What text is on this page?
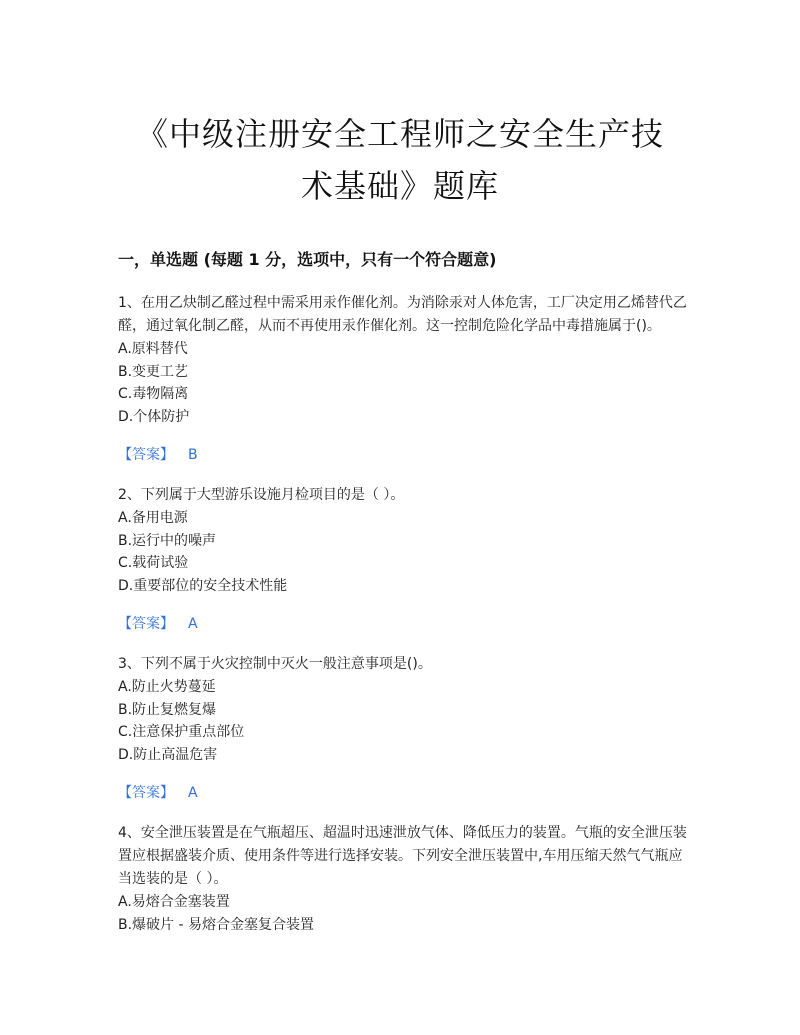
《中级注册安全工程师之安全生产技
术基础》题库
一，单选题 (每题 1 分，选项中，只有一个符合题意)

1、在用乙炔制乙醛过程中需采用汞作催化剂。为消除汞对人体危害，工厂决定用乙烯替代乙醛，通过氧化制乙醛，从而不再使用汞作催化剂。这一控制危险化学品中毒措施属于()。

A.原料替代

B.变更工艺

C.毒物隔离

D.个体防护

【答案】 B

2、下列属于大型游乐设施月检项目的是（ ）。

A.备用电源

B.运行中的噪声

C.载荷试验

D.重要部位的安全技术性能

【答案】 A

3、下列不属于火灾控制中灭火一般注意事项是()。

A.防止火势蔓延

B.防止复燃复爆

C.注意保护重点部位

D.防止高温危害

【答案】 A

4、安全泄压装置是在气瓶超压、超温时迅速泄放气体、降低压力的装置。气瓶的安全泄压装置应根据盛装介质、使用条件等进行选择安装。下列安全泄压装置中,车用压缩天然气气瓶应当选装的是（ ）。

A.易熔合金塞装置

B.爆破片 - 易熔合金塞复合装置
